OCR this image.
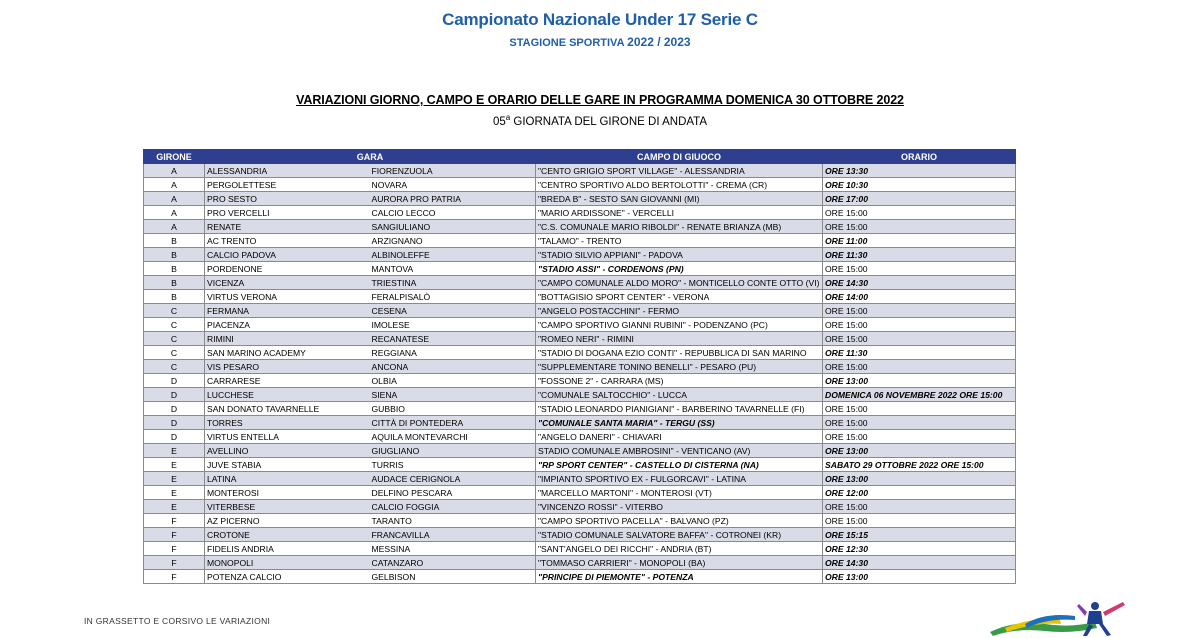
Campionato Nazionale Under 17 Serie C
STAGIONE SPORTIVA 2022 / 2023
VARIAZIONI GIORNO, CAMPO E ORARIO DELLE GARE IN PROGRAMMA DOMENICA 30 OTTOBRE 2022
05$^a$ GIORNATA DEL GIRONE DI ANDATA
GIRONE	GARA		CAMPO DI GIUOCO	ORARIO
A	ALESSANDRIA	FIORENZUOLA	"CENTO GRIGIO SPORT VILLAGE" - ALESSANDRIA	ORE 13:30
A	PERGOLETTESE	NOVARA	"CENTRO SPORTIVO ALDO BERTOLOTTI" - CREMA (CR)	ORE 10:30
A	PRO SESTO	AURORA PRO PATRIA	"BREDA B" - SESTO SAN GIOVANNI (MI)	ORE 17:00
A	PRO VERCELLI	CALCIO LECCO	"MARIO ARDISSONE" - VERCELLI	ORE 15:00
A	RENATE	SANGIULIANO	"C.S. COMUNALE MARIO RIBOLDI" - RENATE BRIANZA (MB)	ORE 15:00
B	AC TRENTO	ARZIGNANO	"TALAMO" - TRENTO	ORE 11:00
B	CALCIO PADOVA	ALBINOLEFFE	"STADIO SILVIO APPIANI" - PADOVA	ORE 11:30
B	PORDENONE	MANTOVA	"STADIO ASSI" - CORDENONS (PN)	ORE 15:00
B	VICENZA	TRIESTINA	"CAMPO COMUNALE ALDO MORO" - MONTICELLO CONTE OTTO (VI)	ORE 14:30
B	VIRTUS VERONA	FERALPISALÒ	"BOTTAGISIO SPORT CENTER" - VERONA	ORE 14:00
C	FERMANA	CESENA	"ANGELO POSTACCHINI" - FERMO	ORE 15:00
C	PIACENZA	IMOLESE	"CAMPO SPORTIVO GIANNI RUBINI" - PODENZANO (PC)	ORE 15:00
C	RIMINI	RECANATESE	"ROMEO NERI" - RIMINI	ORE 15:00
C	SAN MARINO ACADEMY	REGGIANA	"STADIO DI DOGANA EZIO CONTI" - REPUBBLICA DI SAN MARINO	ORE 11:30
C	VIS PESARO	ANCONA	"SUPPLEMENTARE TONINO BENELLI" - PESARO (PU)	ORE 15:00
D	CARRARESE	OLBIA	"FOSSONE 2" - CARRARA (MS)	ORE 13:00
D	LUCCHESE	SIENA	"COMUNALE SALTOCCHIO" - LUCCA	DOMENICA 06 NOVEMBRE 2022 ORE 15:00
D	SAN DONATO TAVARNELLE	GUBBIO	"STADIO LEONARDO PIANIGIANI" - BARBERINO TAVARNELLE (FI)	ORE 15:00
D	TORRES	CITTÀ DI PONTEDERA	"COMUNALE SANTA MARIA" - TERGU (SS)	ORE 15:00
D	VIRTUS ENTELLA	AQUILA MONTEVARCHI	"ANGELO DANERI" - CHIAVARI	ORE 15:00
E	AVELLINO	GIUGLIANO	STADIO COMUNALE AMBROSINI" - VENTICANO (AV)	ORE 13:00
E	JUVE STABIA	TURRIS	"RP SPORT CENTER" - CASTELLO DI CISTERNA (NA)	SABATO 29 OTTOBRE 2022 ORE 15:00
E	LATINA	AUDACE CERIGNOLA	"IMPIANTO SPORTIVO EX - FULGORCAVI" - LATINA	ORE 13:00
E	MONTEROSI	DELFINO PESCARA	"MARCELLO MARTONI" - MONTEROSI (VT)	ORE 12:00
E	VITERBESE	CALCIO FOGGIA	"VINCENZO ROSSI" - VITERBO	ORE 15:00
F	AZ PICERNO	TARANTO	"CAMPO SPORTIVO PACELLA" - BALVANO (PZ)	ORE 15:00
F	CROTONE	FRANCAVILLA	"STADIO COMUNALE SALVATORE BAFFA" - COTRONEI (KR)	ORE 15:15
F	FIDELIS ANDRIA	MESSINA	"SANT'ANGELO DEI RICCHI" - ANDRIA (BT)	ORE 12:30
F	MONOPOLI	CATANZARO	"TOMMASO CARRIERI" - MONOPOLI (BA)	ORE 14:30
F	POTENZA CALCIO	GELBISON	"PRINCIPE DI PIEMONTE" - POTENZA	ORE 13:00
IN GRASSETTO E CORSIVO LE VARIAZIONI
